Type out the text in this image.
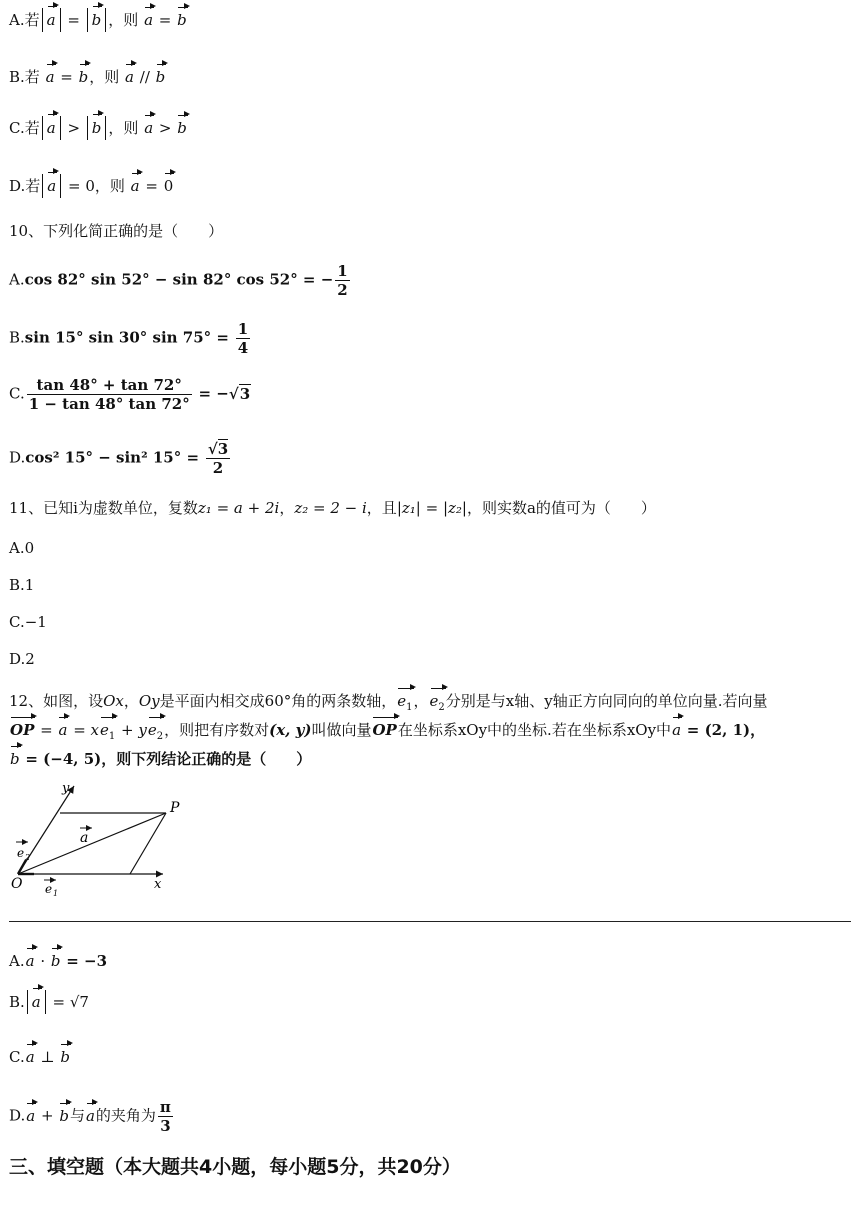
A.若 a = b ，则 a = b
B.若 a = b，则 a // b
C.若 a > b ，则 a > b
D.若 a = 0，则 a = 0
10、下列化简正确的是（　　）
A.cos 82° sin 52° − sin 82° cos 52° = − $\frac{1}{2}$
B.sin 15° sin 30° $\sin 75^\circ = \frac{1}{4}$
C. $\frac{\tan 48^\circ + \tan 72^\circ}{1 - \tan 48^\circ \tan 72^\circ} = -√3$
D.cos² 15° − sin² $15^\circ = \frac{√3}{2}$
11、已知i为虚数单位，复数z₁ = a + 2i，z₂ = 2 − i，且|z₁| = |z₂|，则实数a的值可为（　　）
A.0
B.1
C.−1
D.2
12、如图，设Ox，Oy是平面内相交成60°角的两条数轴，$e_1$，$e_2$分别是与x轴、y轴正方向同向的单位向量.若向量
OP = $a = xe_1 + ye_2$，则把有序数对(x, y)叫做向量OP在坐标系xOy中的坐标.若在坐标系xOy中a = (2, 1)，
b = (−4, 5)，则下列结论正确的是（　　）
y
P
a
e 2
O e 1
x
A.a · b = −3
B. a = √7
C.a ⊥ b
D.a + b与a的夹角为 $\frac{\pi}{3}$
三、填空题（本大题共4小题，每小题5分，共20分）
